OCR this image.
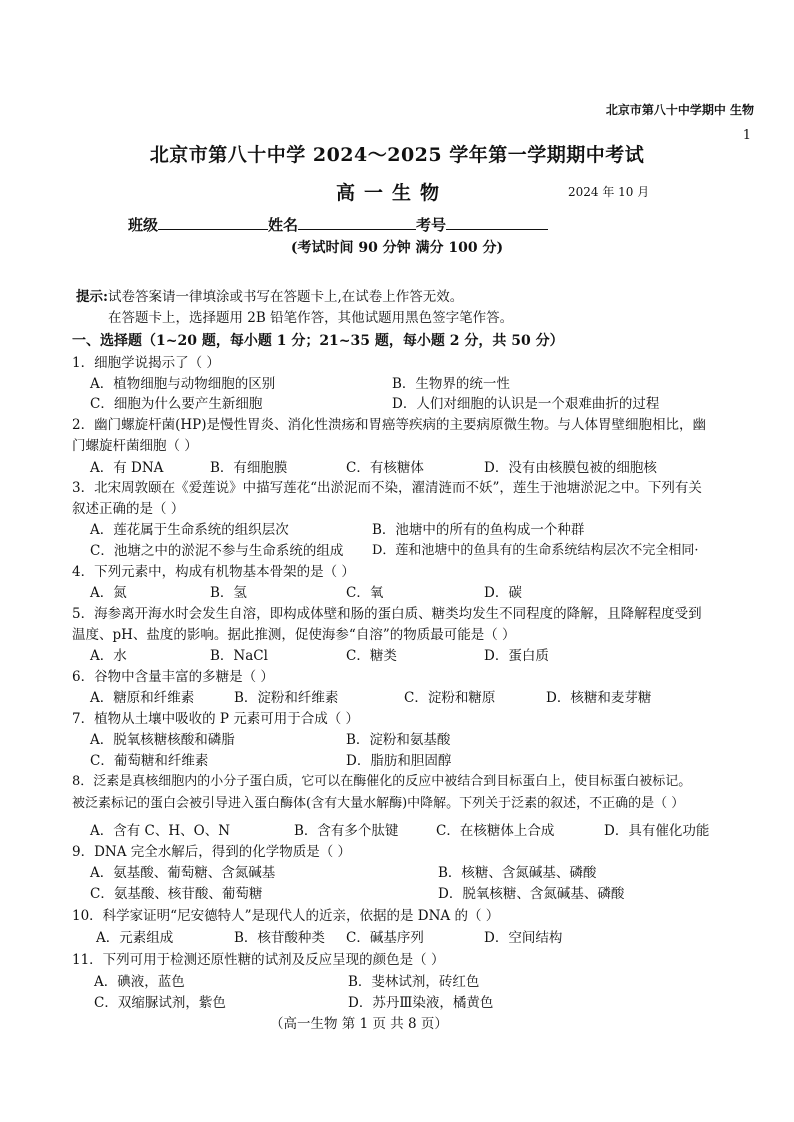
北京市第八十中学期中 生物
1
北京市第八十中学 2024～2025 学年第一学期期中考试
高一生物	2024 年 10 月
班级	姓名	考号
(考试时间 90 分钟 满分 100 分)
提示:试卷答案请一律填涂或书写在答题卡上,在试卷上作答无效。
在答题卡上，选择题用 2B 铅笔作答，其他试题用黑色签字笔作答。
一、选择题（1~20 题，每小题 1 分；21~35 题，每小题 2 分，共 50 分）
1．细胞学说揭示了（ ）
A．植物细胞与动物细胞的区别	B．生物界的统一性
C．细胞为什么要产生新细胞	D．人们对细胞的认识是一个艰难曲折的过程
2．幽门螺旋杆菌(HP)是慢性胃炎、消化性溃疡和胃癌等疾病的主要病原微生物。与人体胃壁细胞相比，幽
门螺旋杆菌细胞（ ）
A．有 DNA	B．有细胞膜	C．有核糖体	D．没有由核膜包被的细胞核
3．北宋周敦颐在《爱莲说》中描写莲花“出淤泥而不染，濯清涟而不妖”，莲生于池塘淤泥之中。下列有关
叙述正确的是（ ）
A．莲花属于生命系统的组织层次	B．池塘中的所有的鱼构成一个种群
C．池塘之中的淤泥不参与生命系统的组成 D．莲和池塘中的鱼具有的生命系统结构层次不完全相同·
4．下列元素中，构成有机物基本骨架的是（ ）
A．氮	B．氢	C．氧	D．碳
5．海参离开海水时会发生自溶，即构成体壁和肠的蛋白质、糖类均发生不同程度的降解，且降解程度受到
温度、pH、盐度的影响。据此推测，促使海参“自溶”的物质最可能是（ ）
A．水	B．NaCl	C．糖类	D．蛋白质
6．谷物中含量丰富的多糖是（ ）
A．糖原和纤维素	B．淀粉和纤维素	C．淀粉和糖原	D．核糖和麦芽糖
7．植物从土壤中吸收的 P 元素可用于合成（ ）
A．脱氧核糖核酸和磷脂	B．淀粉和氨基酸
C．葡萄糖和纤维素	D．脂肪和胆固醇
8．泛素是真核细胞内的小分子蛋白质，它可以在酶催化的反应中被结合到目标蛋白上，使目标蛋白被标记。
被泛素标记的蛋白会被引导进入蛋白酶体(含有大量水解酶)中降解。下列关于泛素的叙述，不正确的是（ ）
A．含有 C、H、O、N	B．含有多个肽键	C．在核糖体上合成	D．具有催化功能
9．DNA 完全水解后，得到的化学物质是（ ）
A．氨基酸、葡萄糖、含氮碱基	B．核糖、含氮碱基、磷酸
C．氨基酸、核苷酸、葡萄糖	D．脱氧核糖、含氮碱基、磷酸
10．科学家证明“尼安德特人”是现代人的近亲，依据的是 DNA 的（ ）
A．元素组成	B．核苷酸种类 C．碱基序列	D．空间结构
11．下列可用于检测还原性糖的试剂及反应呈现的颜色是（ ）
A．碘液，蓝色	B．斐林试剂，砖红色
C．双缩脲试剂，紫色	D．苏丹Ⅲ染液，橘黄色
（高一生物 第 1 页 共 8 页）
